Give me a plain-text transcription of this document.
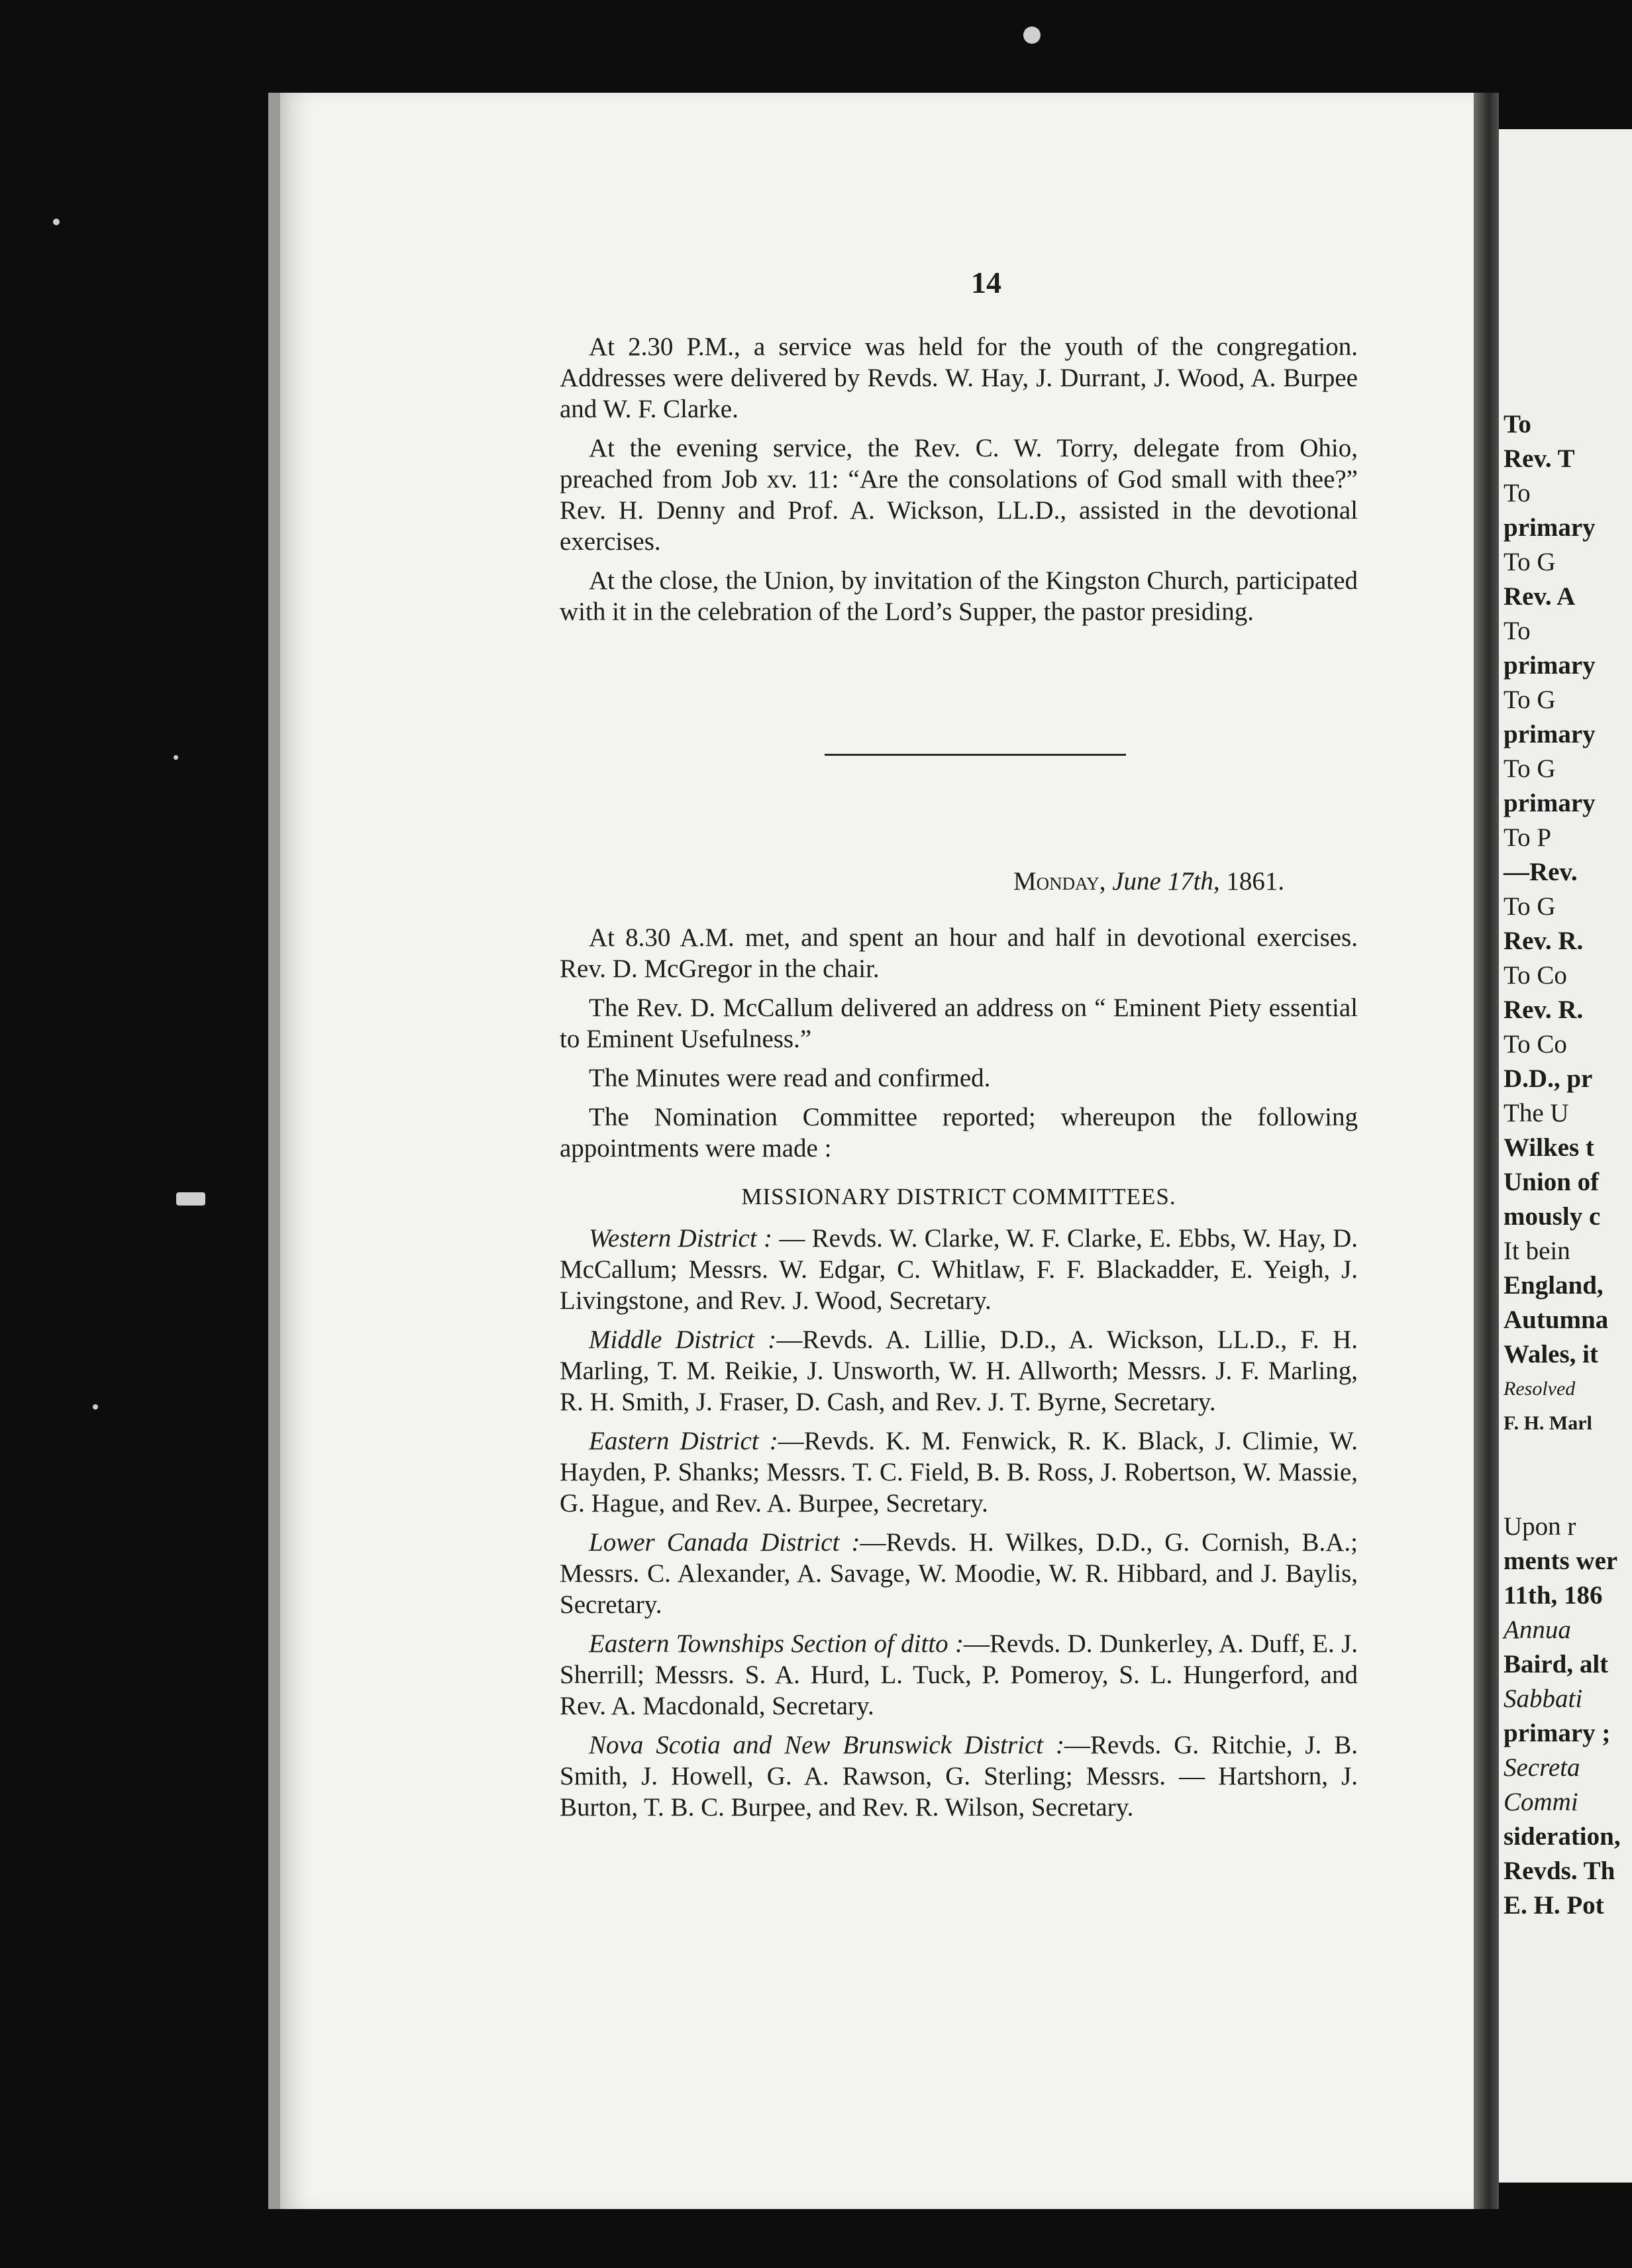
14

At 2.30 P.M., a service was held for the youth of the congregation. Addresses were delivered by Revds. W. Hay, J. Durrant, J. Wood, A. Burpee and W. F. Clarke.

At the evening service, the Rev. C. W. Torry, delegate from Ohio, preached from Job xv. 11: “Are the consolations of God small with thee?” Rev. H. Denny and Prof. A. Wickson, LL.D., assisted in the devotional exercises.

At the close, the Union, by invitation of the Kingston Church, participated with it in the celebration of the Lord’s Supper, the pastor presiding.

Monday, June 17th, 1861.

At 8.30 A.M. met, and spent an hour and half in devotional exercises. Rev. D. McGregor in the chair.

The Rev. D. McCallum delivered an address on “ Eminent Piety essential to Eminent Usefulness.”

The Minutes were read and confirmed.

The Nomination Committee reported; whereupon the following appointments were made :

MISSIONARY DISTRICT COMMITTEES.

Western District : — Revds. W. Clarke, W. F. Clarke, E. Ebbs, W. Hay, D. McCallum; Messrs. W. Edgar, C. Whitlaw, F. F. Blackadder, E. Yeigh, J. Livingstone, and Rev. J. Wood, Secretary.

Middle District :—Revds. A. Lillie, D.D., A. Wickson, LL.D., F. H. Marling, T. M. Reikie, J. Unsworth, W. H. Allworth; Messrs. J. F. Marling, R. H. Smith, J. Fraser, D. Cash, and Rev. J. T. Byrne, Secretary.

Eastern District :—Revds. K. M. Fenwick, R. K. Black, J. Climie, W. Hayden, P. Shanks; Messrs. T. C. Field, B. B. Ross, J. Robertson, W. Massie, G. Hague, and Rev. A. Burpee, Secretary.

Lower Canada District :—Revds. H. Wilkes, D.D., G. Cornish, B.A.; Messrs. C. Alexander, A. Savage, W. Moodie, W. R. Hibbard, and J. Baylis, Secretary.

Eastern Townships Section of ditto :—Revds. D. Dunkerley, A. Duff, E. J. Sherrill; Messrs. S. A. Hurd, L. Tuck, P. Pomeroy, S. L. Hungerford, and Rev. A. Macdonald, Secretary.

Nova Scotia and New Brunswick District :—Revds. G. Ritchie, J. B. Smith, J. Howell, G. A. Rawson, G. Sterling; Messrs. — Hartshorn, J. Burton, T. B. C. Burpee, and Rev. R. Wilson, Secretary.

To
Rev. T
To
primary
To G
Rev. A
To
primary
To G
primary
To G
primary
To P
—Rev.
To G
Rev. R.
To Co
Rev. R.
To Co
D.D., pr
The U
Wilkes t
Union of
mously c
It bein
England,
Autumna
Wales, it
Resolved
F. H. Marl
Upon r
ments wer
11th, 186
Annua
Baird, alt
Sabbati
primary ;
Secreta
Commi
sideration,
Revds. Th
E. H. Pot
